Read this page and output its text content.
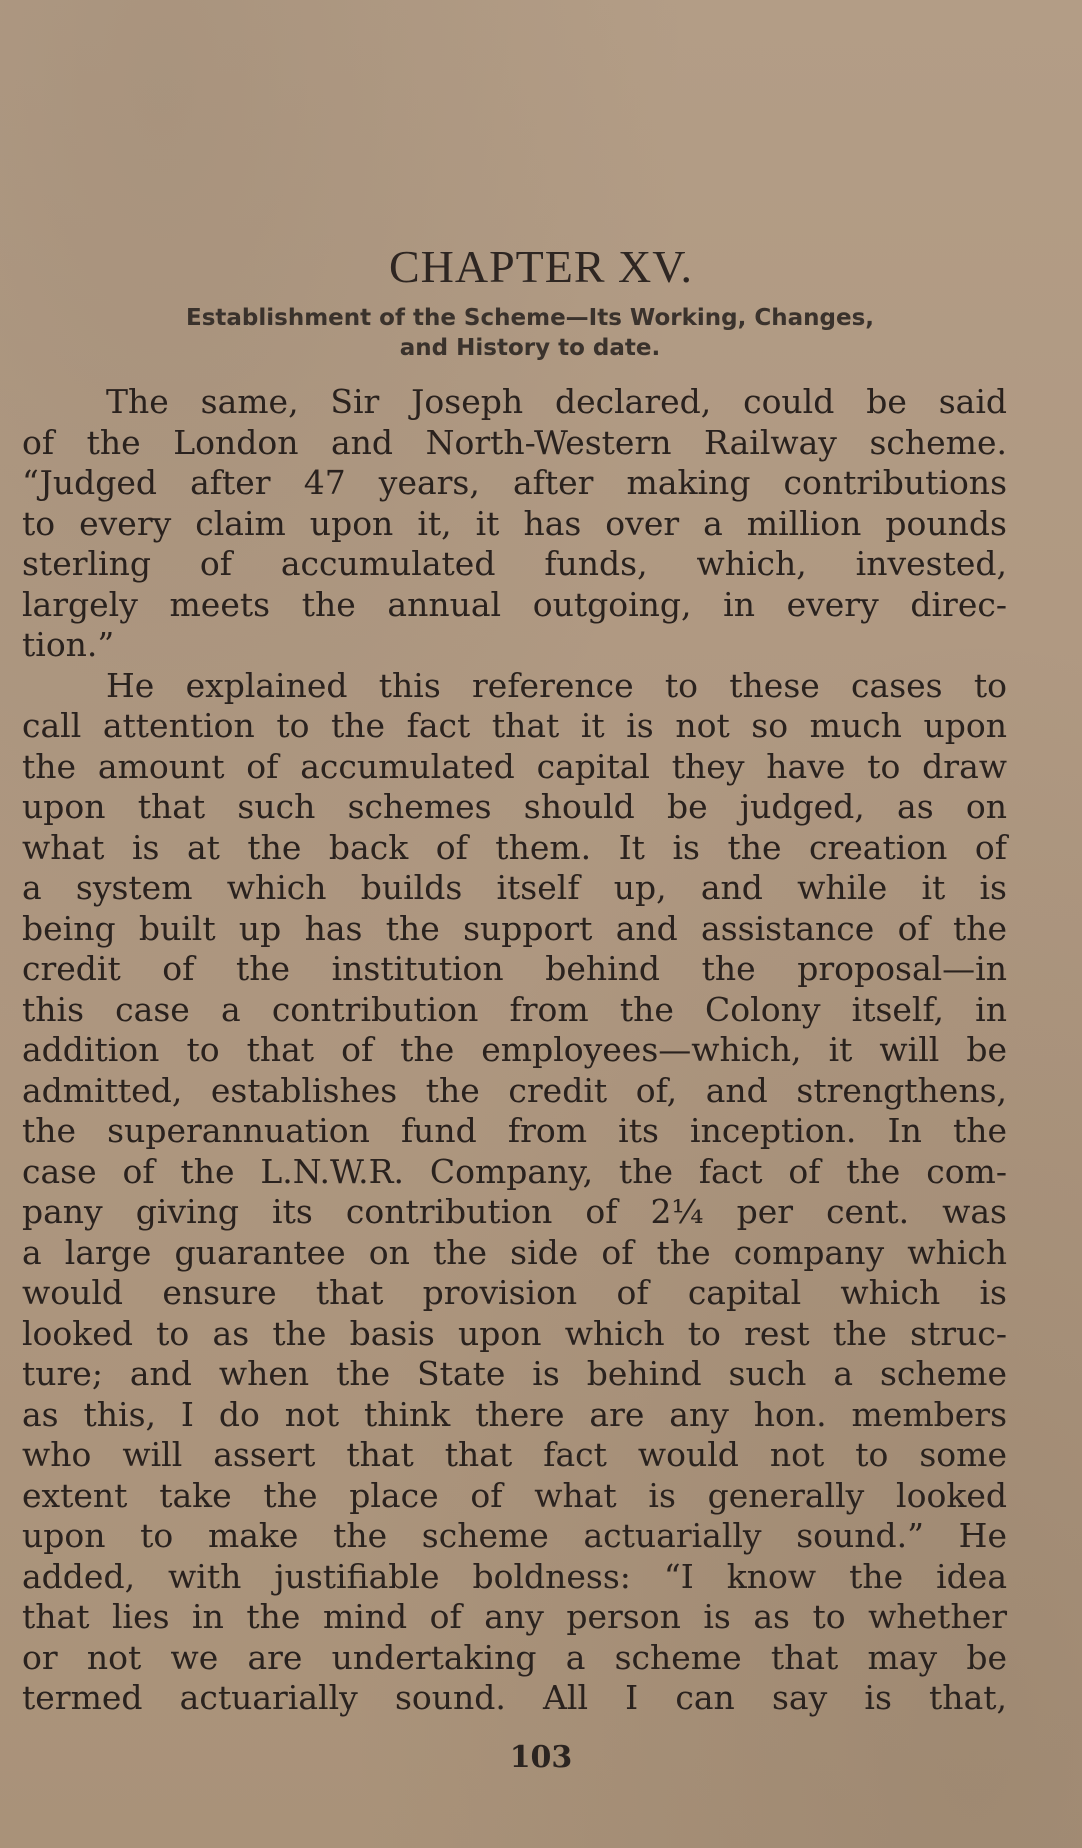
CHAPTER XV.
Establishment of the Scheme—Its Working, Changes,
and History to date.
The same, Sir Joseph declared, could be said
of the London and North-Western Railway scheme.
“Judged after 47 years, after making contributions
to every claim upon it, it has over a million pounds
sterling of accumulated funds, which, invested,
largely meets the annual outgoing, in every direc-
tion.”
He explained this reference to these cases to
call attention to the fact that it is not so much upon
the amount of accumulated capital they have to draw
upon that such schemes should be judged, as on
what is at the back of them. It is the creation of
a system which builds itself up, and while it is
being built up has the support and assistance of the
credit of the institution behind the proposal—in
this case a contribution from the Colony itself, in
addition to that of the employees—which, it will be
admitted, establishes the credit of, and strengthens,
the superannuation fund from its inception. In the
case of the L.N.W.R. Company, the fact of the com-
pany giving its contribution of 2¼ per cent. was
a large guarantee on the side of the company which
would ensure that provision of capital which is
looked to as the basis upon which to rest the struc-
ture; and when the State is behind such a scheme
as this, I do not think there are any hon. members
who will assert that that fact would not to some
extent take the place of what is generally looked
upon to make the scheme actuarially sound.” He
added, with justifiable boldness: “I know the idea
that lies in the mind of any person is as to whether
or not we are undertaking a scheme that may be
termed actuarially sound. All I can say is that,
103
